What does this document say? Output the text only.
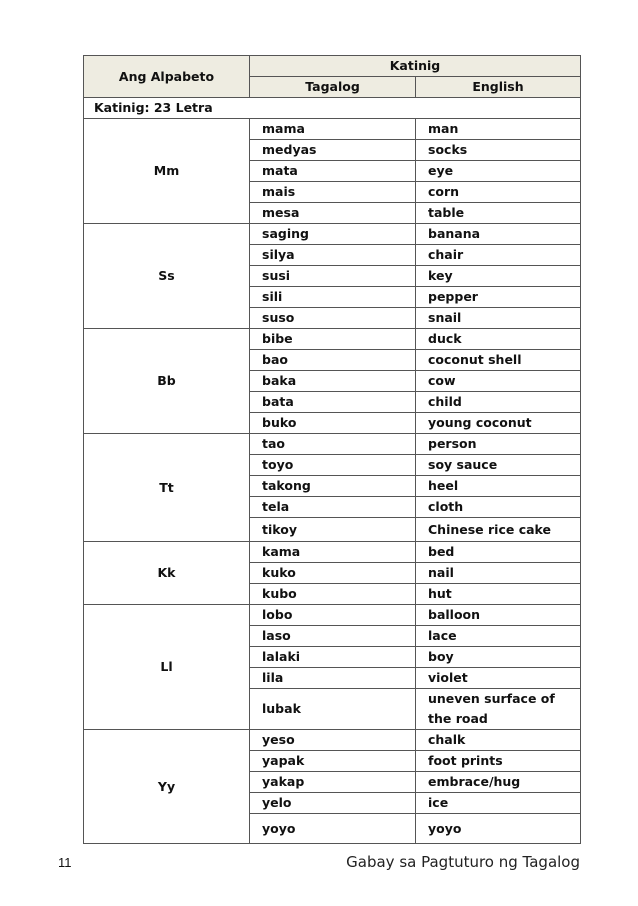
Ang Alpabeto	Katinig	
	Tagalog	English
Katinig: 23 Letra		
Mm	mama	man
	medyas	socks
	mata	eye
	mais	corn
	mesa	table
Ss	saging	banana
	silya	chair
	susi	key
	sili	pepper
	suso	snail
Bb	bibe	duck
	bao	coconut shell
	baka	cow
	bata	child
	buko	young coconut
Tt	tao	person
	toyo	soy sauce
	takong	heel
	tela	cloth
	tikoy	Chinese rice cake
Kk	kama	bed
	kuko	nail
	kubo	hut
Ll	lobo	balloon
	laso	lace
	lalaki	boy
	lila	violet
	lubak	uneven surface of the road
Yy	yeso	chalk
	yapak	foot prints
	yakap	embrace/hug
	yelo	ice
	yoyo	yoyo
11	Gabay sa Pagtuturo ng Tagalog
